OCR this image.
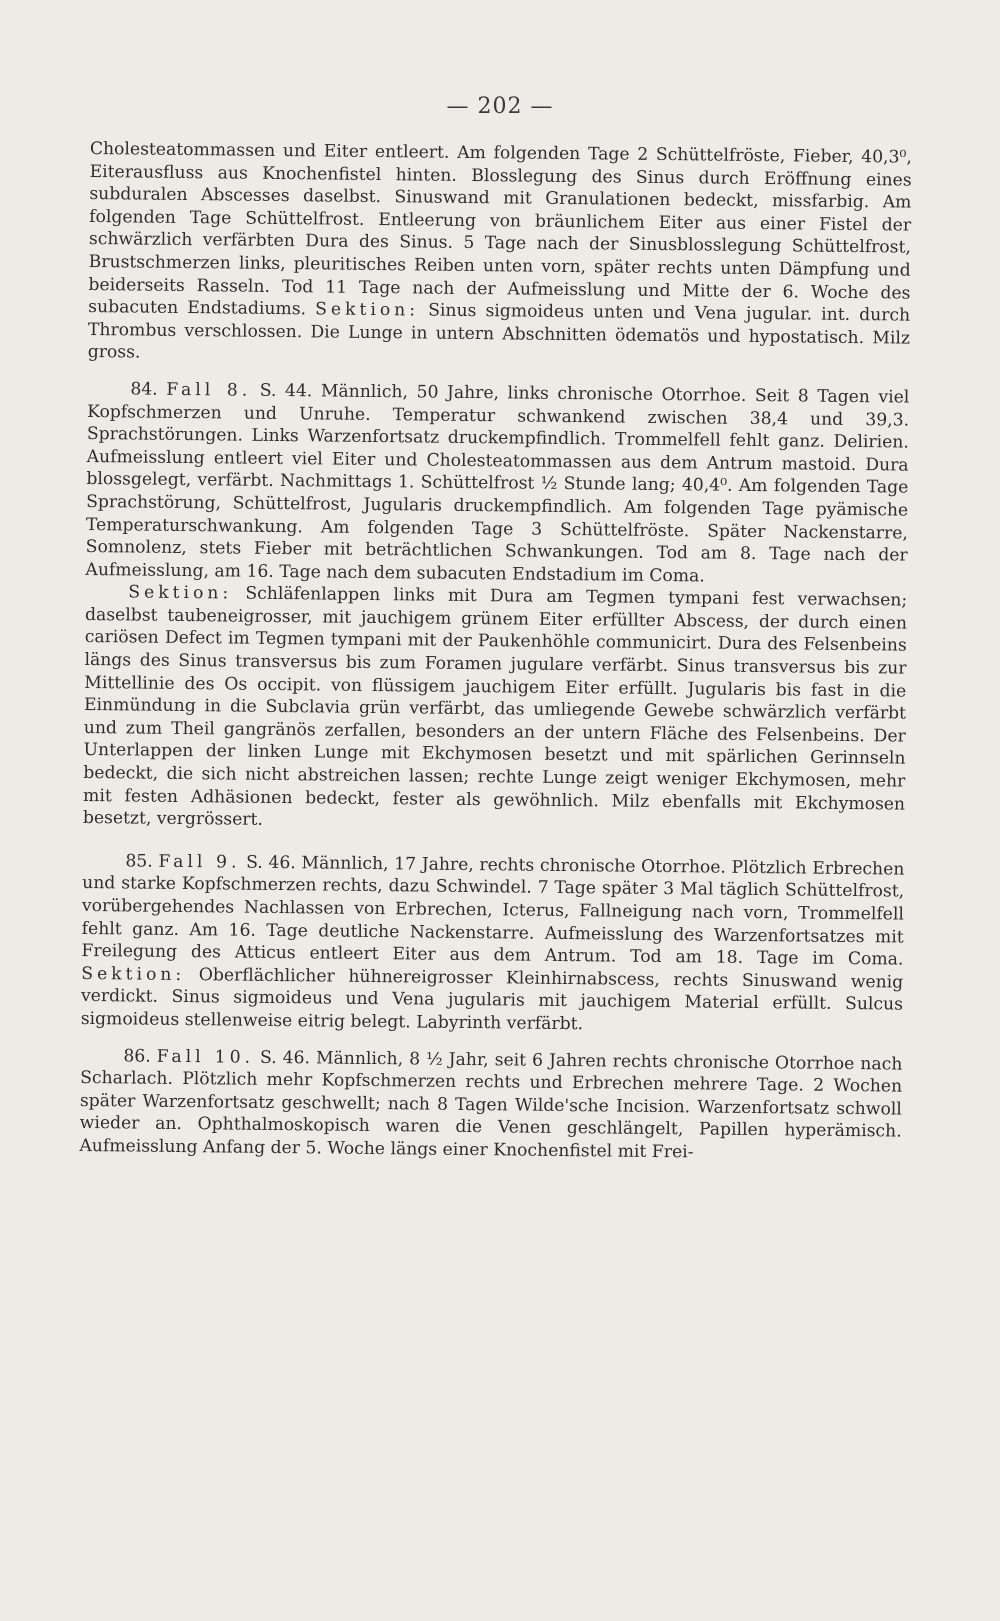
— 202 —

Cholesteatommassen und Eiter entleert. Am folgenden Tage 2 Schüttelfröste, Fieber, 40,3⁰, Eiterausfluss aus Knochenfistel hinten. Blosslegung des Sinus durch Eröffnung eines subduralen Abscesses daselbst. Sinuswand mit Granulationen bedeckt, missfarbig. Am folgenden Tage Schüttelfrost. Entleerung von bräunlichem Eiter aus einer Fistel der schwärzlich verfärbten Dura des Sinus. 5 Tage nach der Sinusblosslegung Schüttelfrost, Brustschmerzen links, pleuritisches Reiben unten vorn, später rechts unten Dämpfung und beiderseits Rasseln. Tod 11 Tage nach der Aufmeisslung und Mitte der 6. Woche des subacuten Endstadiums. Sektion: Sinus sigmoideus unten und Vena jugular. int. durch Thrombus verschlossen. Die Lunge in untern Abschnitten ödematös und hypostatisch. Milz gross.

84. Fall 8. S. 44. Männlich, 50 Jahre, links chronische Otorrhoe. Seit 8 Tagen viel Kopfschmerzen und Unruhe. Temperatur schwankend zwischen 38,4 und 39,3. Sprachstörungen. Links Warzenfortsatz druckempfindlich. Trommelfell fehlt ganz. Delirien. Aufmeisslung entleert viel Eiter und Cholesteatommassen aus dem Antrum mastoid. Dura blossgelegt, verfärbt. Nachmittags 1. Schüttelfrost ½ Stunde lang; 40,4⁰. Am folgenden Tage Sprachstörung, Schüttelfrost, Jugularis druckempfindlich. Am folgenden Tage pyämische Temperaturschwankung. Am folgenden Tage 3 Schüttelfröste. Später Nackenstarre, Somnolenz, stets Fieber mit beträchtlichen Schwankungen. Tod am 8. Tage nach der Aufmeisslung, am 16. Tage nach dem subacuten Endstadium im Coma.

Sektion: Schläfenlappen links mit Dura am Tegmen tympani fest verwachsen; daselbst taubeneigrosser, mit jauchigem grünem Eiter erfüllter Abscess, der durch einen cariösen Defect im Tegmen tympani mit der Paukenhöhle communicirt. Dura des Felsenbeins längs des Sinus transversus bis zum Foramen jugulare verfärbt. Sinus transversus bis zur Mittellinie des Os occipit. von flüssigem jauchigem Eiter erfüllt. Jugularis bis fast in die Einmündung in die Subclavia grün verfärbt, das umliegende Gewebe schwärzlich verfärbt und zum Theil gangränös zerfallen, besonders an der untern Fläche des Felsenbeins. Der Unterlappen der linken Lunge mit Ekchymosen besetzt und mit spärlichen Gerinnseln bedeckt, die sich nicht abstreichen lassen; rechte Lunge zeigt weniger Ekchymosen, mehr mit festen Adhäsionen bedeckt, fester als gewöhnlich. Milz ebenfalls mit Ekchymosen besetzt, vergrössert.

85. Fall 9. S. 46. Männlich, 17 Jahre, rechts chronische Otorrhoe. Plötzlich Erbrechen und starke Kopfschmerzen rechts, dazu Schwindel. 7 Tage später 3 Mal täglich Schüttelfrost, vorübergehendes Nachlassen von Erbrechen, Icterus, Fallneigung nach vorn, Trommelfell fehlt ganz. Am 16. Tage deutliche Nackenstarre. Aufmeisslung des Warzenfortsatzes mit Freilegung des Atticus entleert Eiter aus dem Antrum. Tod am 18. Tage im Coma. Sektion: Oberflächlicher hühnereigrosser Kleinhirnabscess, rechts Sinuswand wenig verdickt. Sinus sigmoideus und Vena jugularis mit jauchigem Material erfüllt. Sulcus sigmoideus stellenweise eitrig belegt. Labyrinth verfärbt.

86. Fall 10. S. 46. Männlich, 8 ½ Jahr, seit 6 Jahren rechts chronische Otorrhoe nach Scharlach. Plötzlich mehr Kopfschmerzen rechts und Erbrechen mehrere Tage. 2 Wochen später Warzenfortsatz geschwellt; nach 8 Tagen Wilde'sche Incision. Warzenfortsatz schwoll wieder an. Ophthalmoskopisch waren die Venen geschlängelt, Papillen hyperämisch. Aufmeisslung Anfang der 5. Woche längs einer Knochenfistel mit Frei-
